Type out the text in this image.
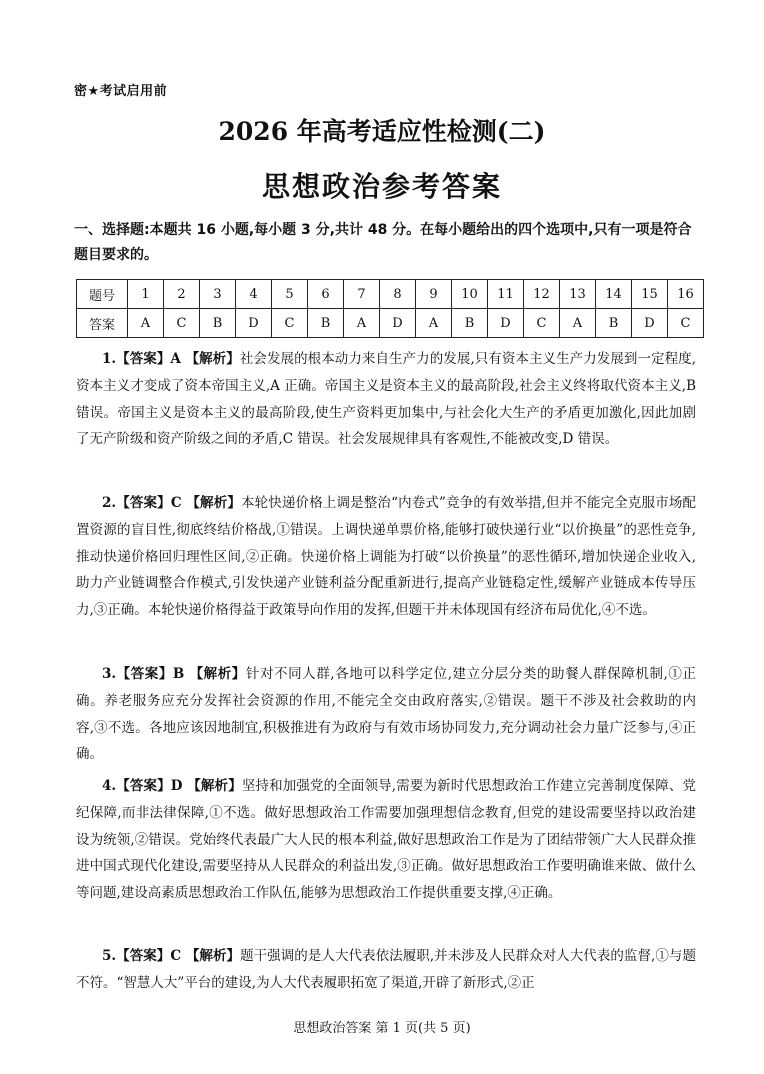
密★考试启用前
2026 年高考适应性检测(二)
思想政治参考答案
一、选择题:本题共 16 小题,每小题 3 分,共计 48 分。在每小题给出的四个选项中,只有一项是符合题目要求的。
题号	1	2	3	4	5	6	7	8	9	10	11	12	13	14	15	16
答案	A	C	B	D	C	B	A	D	A	B	D	C	A	B	D	C
1.【答案】A 【解析】社会发展的根本动力来自生产力的发展,只有资本主义生产力发展到一定程度,资本主义才变成了资本帝国主义,A 正确。帝国主义是资本主义的最高阶段,社会主义终将取代资本主义,B 错误。帝国主义是资本主义的最高阶段,使生产资料更加集中,与社会化大生产的矛盾更加激化,因此加剧了无产阶级和资产阶级之间的矛盾,C 错误。社会发展规律具有客观性,不能被改变,D 错误。
2.【答案】C 【解析】本轮快递价格上调是整治“内卷式”竞争的有效举措,但并不能完全克服市场配置资源的盲目性,彻底终结价格战,①错误。上调快递单票价格,能够打破快递行业“以价换量”的恶性竞争,推动快递价格回归理性区间,②正确。快递价格上调能为打破“以价换量”的恶性循环,增加快递企业收入,助力产业链调整合作模式,引发快递产业链利益分配重新进行,提高产业链稳定性,缓解产业链成本传导压力,③正确。本轮快递价格得益于政策导向作用的发挥,但题干并未体现国有经济布局优化,④不选。
3.【答案】B 【解析】针对不同人群,各地可以科学定位,建立分层分类的助餐人群保障机制,①正确。养老服务应充分发挥社会资源的作用,不能完全交由政府落实,②错误。题干不涉及社会救助的内容,③不选。各地应该因地制宜,积极推进有为政府与有效市场协同发力,充分调动社会力量广泛参与,④正确。
4.【答案】D 【解析】坚持和加强党的全面领导,需要为新时代思想政治工作建立完善制度保障、党纪保障,而非法律保障,①不选。做好思想政治工作需要加强理想信念教育,但党的建设需要坚持以政治建设为统领,②错误。党始终代表最广大人民的根本利益,做好思想政治工作是为了团结带领广大人民群众推进中国式现代化建设,需要坚持从人民群众的利益出发,③正确。做好思想政治工作要明确谁来做、做什么等问题,建设高素质思想政治工作队伍,能够为思想政治工作提供重要支撑,④正确。
5.【答案】C 【解析】题干强调的是人大代表依法履职,并未涉及人民群众对人大代表的监督,①与题不符。“智慧人大”平台的建设,为人大代表履职拓宽了渠道,开辟了新形式,②正
思想政治答案 第 1 页(共 5 页)
